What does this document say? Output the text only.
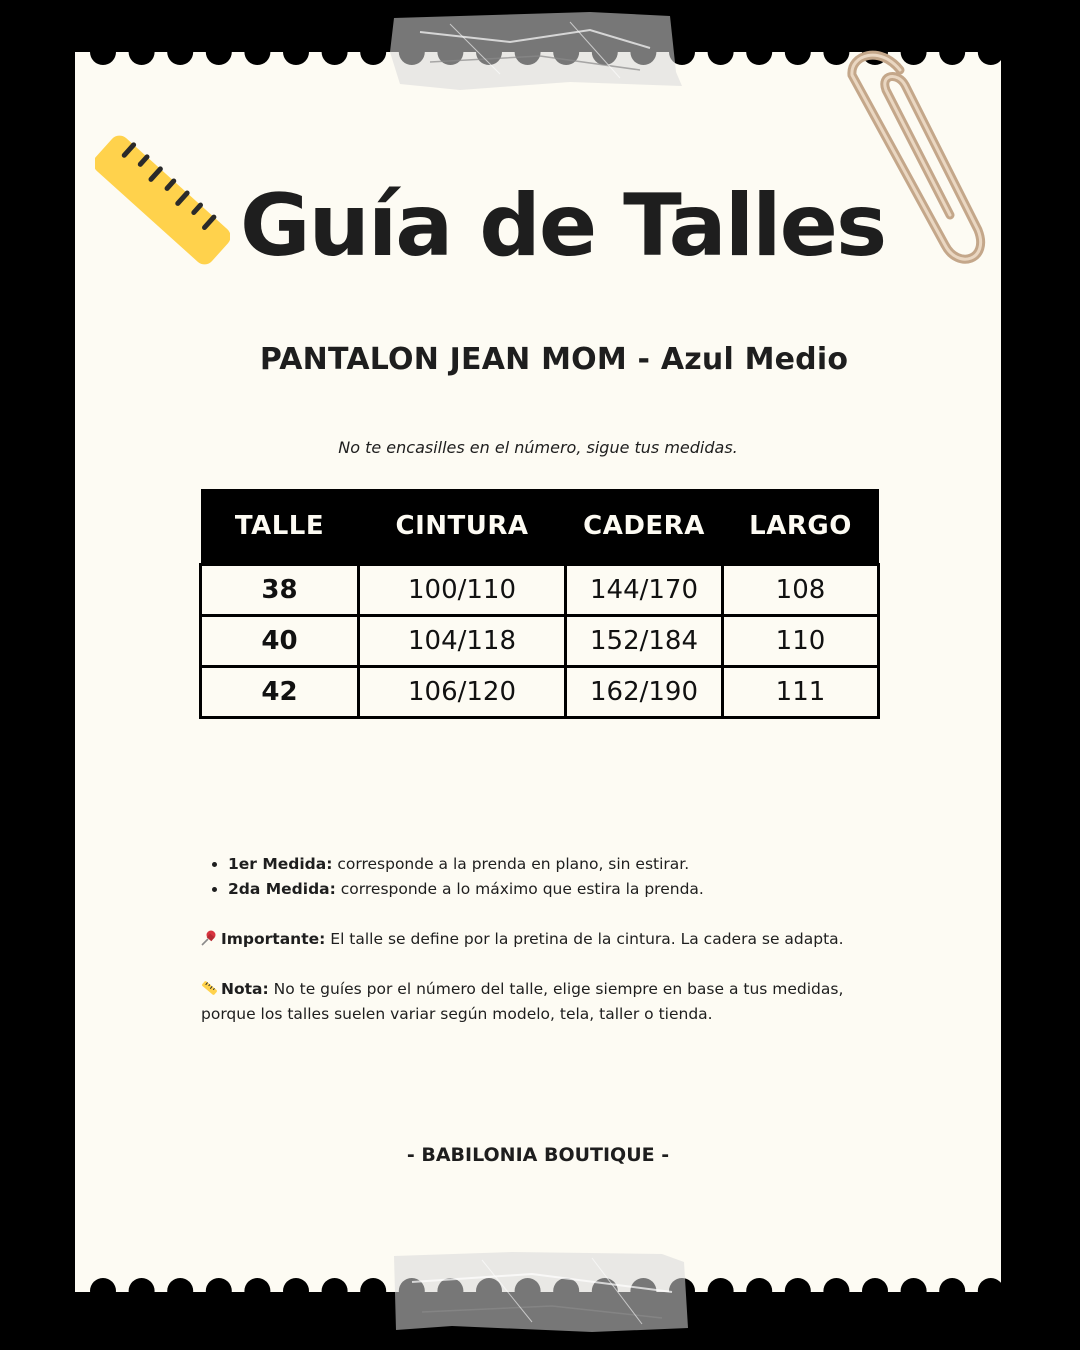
Guía de Talles
PANTALON JEAN MOM - Azul Medio
No te encasilles en el número, sigue tus medidas.
TALLE	CINTURA	CADERA	LARGO
38	100/110	144/170	108
40	104/118	152/184	110
42	106/120	162/190	111
• 1er Medida: corresponde a la prenda en plano, sin estirar.
• 2da Medida: corresponde a lo máximo que estira la prenda.

Importante: El talle se define por la pretina de la cintura. La cadera se adapta.

Nota: No te guíes por el número del talle, elige siempre en base a tus medidas, porque los talles suelen variar según modelo, tela, taller o tienda.

- BABILONIA BOUTIQUE -
